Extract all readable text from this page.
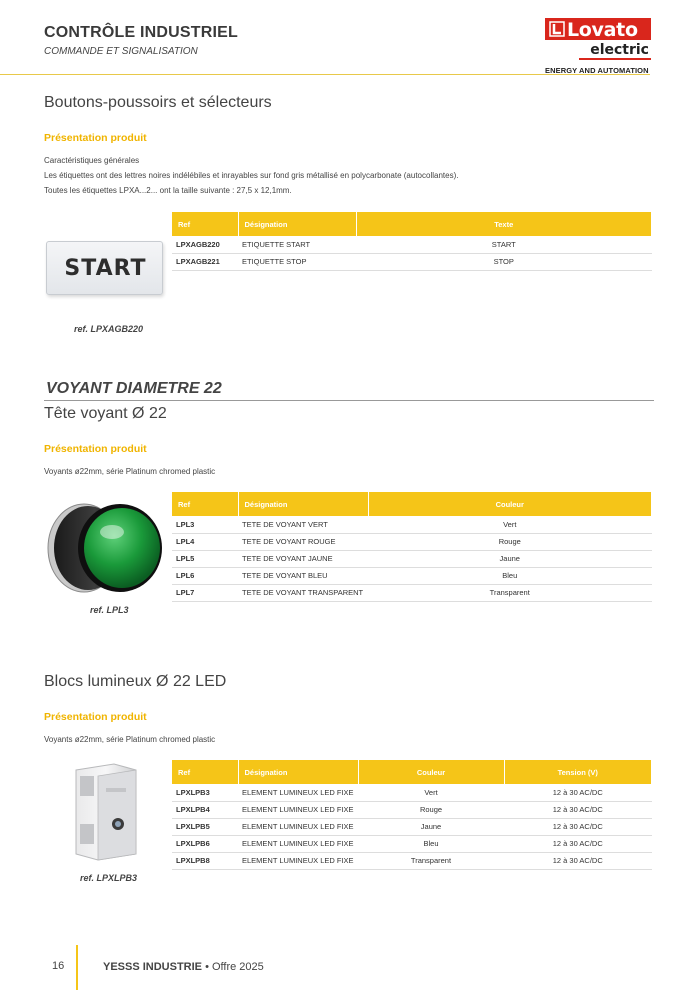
CONTRÔLE INDUSTRIEL
COMMANDE ET SIGNALISATION
Lovato
electric
ENERGY AND AUTOMATION
Boutons-poussoirs et sélecteurs
Présentation produit
Caractéristiques générales
Les étiquettes ont des lettres noires indélébiles et inrayables sur fond gris métallisé en polycarbonate (autocollantes).
Toutes les étiquettes LPXA...2... ont la taille suivante : 27,5 x 12,1mm.
START
ref. LPXAGB220
Ref	Désignation	Texte
LPXAGB220	ETIQUETTE START	START
LPXAGB221	ETIQUETTE STOP	STOP
VOYANT DIAMETRE 22
Tête voyant Ø 22
Présentation produit
Voyants ø22mm, série Platinum chromed plastic
ref. LPL3
Ref	Désignation	Couleur
LPL3	TETE DE VOYANT VERT	Vert
LPL4	TETE DE VOYANT ROUGE	Rouge
LPL5	TETE DE VOYANT JAUNE	Jaune
LPL6	TETE DE VOYANT BLEU	Bleu
LPL7	TETE DE VOYANT TRANSPARENT	Transparent
Blocs lumineux Ø 22 LED
Présentation produit
Voyants ø22mm, série Platinum chromed plastic
ref. LPXLPB3
Ref	Désignation	Couleur	Tension (V)
LPXLPB3	ELEMENT LUMINEUX LED FIXE	Vert	12 à 30 AC/DC
LPXLPB4	ELEMENT LUMINEUX LED FIXE	Rouge	12 à 30 AC/DC
LPXLPB5	ELEMENT LUMINEUX LED FIXE	Jaune	12 à 30 AC/DC
LPXLPB6	ELEMENT LUMINEUX LED FIXE	Bleu	12 à 30 AC/DC
LPXLPB8	ELEMENT LUMINEUX LED FIXE	Transparent	12 à 30 AC/DC
16	YESSS INDUSTRIE • Offre 2025
